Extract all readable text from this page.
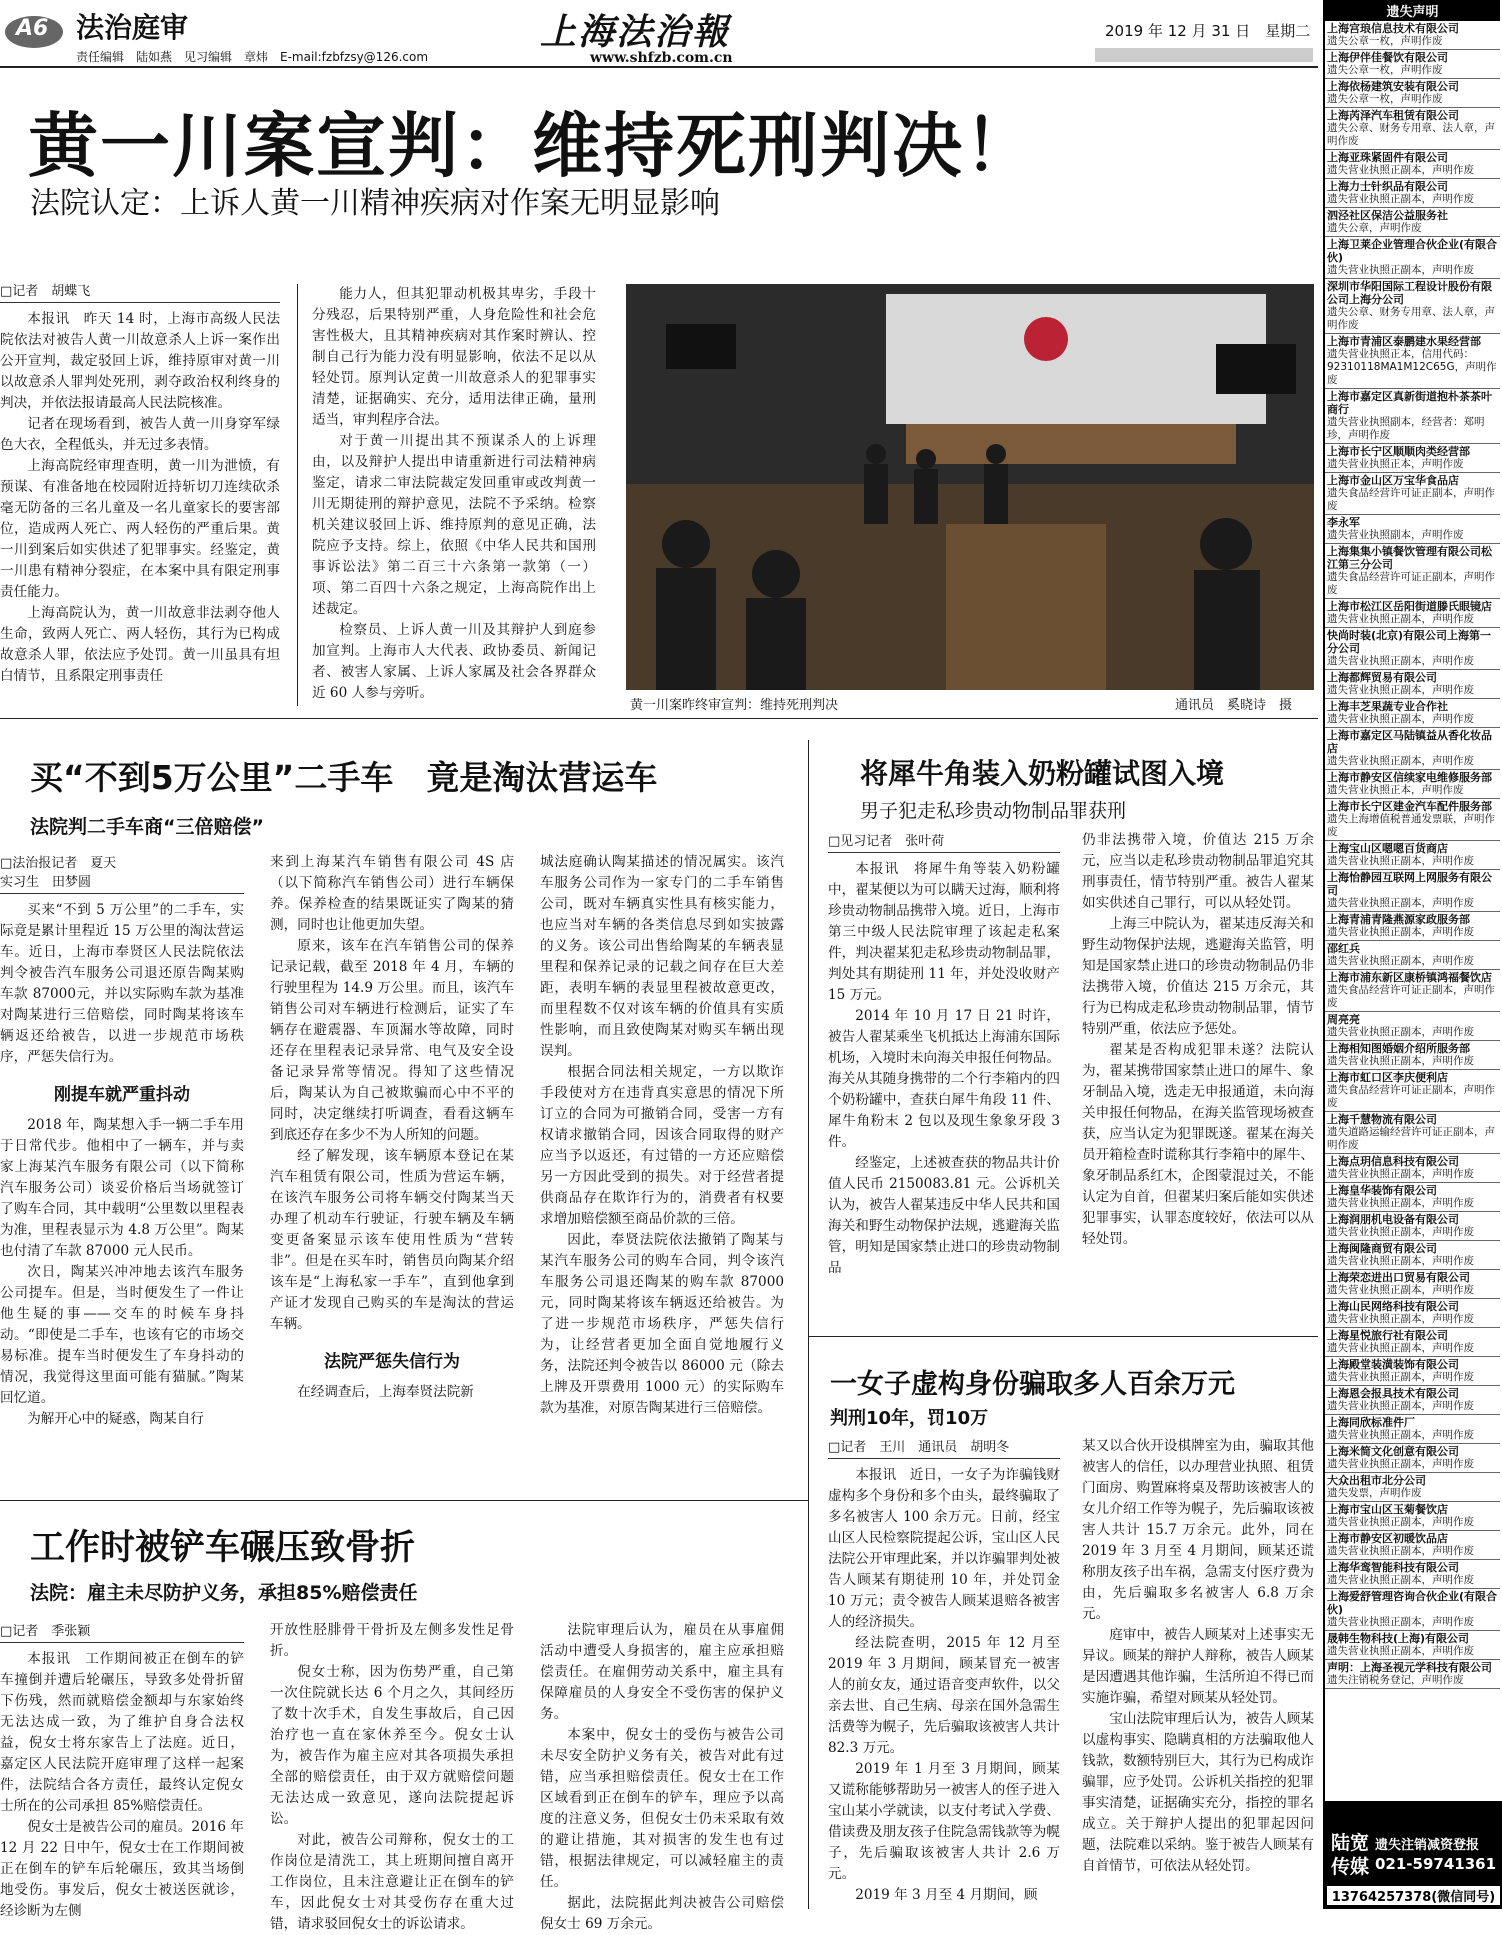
A6 法治庭审
责任编辑　陆如燕　见习编辑　章炜　E-mail:fzbfzsy@126.com
上海法治報
www.shfzb.com.cn
2019 年 12 月 31 日　星期二
黄一川案宣判：维持死刑判决！
法院认定：上诉人黄一川精神疾病对作案无明显影响
□记者　胡蝶飞

本报讯　昨天 14 时，上海市高级人民法院依法对被告人黄一川故意杀人上诉一案作出公开宣判，裁定驳回上诉，维持原审对黄一川以故意杀人罪判处死刑，剥夺政治权利终身的判决，并依法报请最高人民法院核准。

记者在现场看到，被告人黄一川身穿军绿色大衣，全程低头，并无过多表情。

上海高院经审理查明，黄一川为泄愤，有预谋、有准备地在校园附近持斩切刀连续砍杀毫无防备的三名儿童及一名儿童家长的要害部位，造成两人死亡、两人轻伤的严重后果。黄一川到案后如实供述了犯罪事实。经鉴定，黄一川患有精神分裂症，在本案中具有限定刑事责任能力。

上海高院认为，黄一川故意非法剥夺他人生命，致两人死亡、两人轻伤，其行为已构成故意杀人罪，依法应予处罚。黄一川虽具有坦白情节，且系限定刑事责任

能力人，但其犯罪动机极其卑劣，手段十分残忍，后果特别严重，人身危险性和社会危害性极大，且其精神疾病对其作案时辨认、控制自己行为能力没有明显影响，依法不足以从轻处罚。原判认定黄一川故意杀人的犯罪事实清楚，证据确实、充分，适用法律正确，量刑适当，审判程序合法。

对于黄一川提出其不预谋杀人的上诉理由，以及辩护人提出申请重新进行司法精神病鉴定，请求二审法院裁定发回重审或改判黄一川无期徒刑的辩护意见，法院不予采纳。检察机关建议驳回上诉、维持原判的意见正确，法院应予支持。综上，依照《中华人民共和国刑事诉讼法》第二百三十六条第一款第（一）项、第二百四十六条之规定，上海高院作出上述裁定。

检察员、上诉人黄一川及其辩护人到庭参加宣判。上海市人大代表、政协委员、新闻记者、被害人家属、上诉人家属及社会各界群众近 60 人参与旁听。

黄一川案昨终审宣判：维持死刑判决	通讯员　奚晓诗　摄
买“不到5万公里”二手车　竟是淘汰营运车
法院判二手车商“三倍赔偿”
□法治报记者　夏天
实习生　田梦圆

买来“不到 5 万公里”的二手车，实际竟是累计里程近 15 万公里的淘汰营运车。近日，上海市奉贤区人民法院依法判令被告汽车服务公司退还原告陶某购车款 87000元，并以实际购车款为基准对陶某进行三倍赔偿，同时陶某将该车辆返还给被告，以进一步规范市场秩序，严惩失信行为。

刚提车就严重抖动

2018 年，陶某想入手一辆二手车用于日常代步。他相中了一辆车，并与卖家上海某汽车服务有限公司（以下简称汽车服务公司）谈妥价格后当场就签订了购车合同，其中载明“公里数以里程表为准，里程表显示为 4.8 万公里”。陶某也付清了车款 87000 元人民币。

次日，陶某兴冲冲地去该汽车服务公司提车。但是，当时便发生了一件让他生疑的事——交车的时候车身抖动。“即使是二手车，也该有它的市场交易标准。提车当时便发生了车身抖动的情况，我觉得这里面可能有猫腻。”陶某回忆道。

为解开心中的疑惑，陶某自行

来到上海某汽车销售有限公司 4S 店（以下简称汽车销售公司）进行车辆保养。保养检查的结果既证实了陶某的猜测，同时也让他更加失望。

原来，该车在汽车销售公司的保养记录记载，截至 2018 年 4 月，车辆的行驶里程为 14.9 万公里。而且，该汽车销售公司对车辆进行检测后，证实了车辆存在避震器、车顶漏水等故障，同时还存在里程表记录异常、电气及安全设备记录异常等情况。得知了这些情况后，陶某认为自己被欺骗而心中不平的同时，决定继续打听调查，看看这辆车到底还存在多少不为人所知的问题。

经了解发现，该车辆原本登记在某汽车租赁有限公司，性质为营运车辆，在该汽车服务公司将车辆交付陶某当天办理了机动车行驶证，行驶车辆及车辆变更备案显示该车使用性质为“营转非”。但是在买车时，销售员向陶某介绍该车是“上海私家一手车”，直到他拿到产证才发现自己购买的车是淘汰的营运车辆。

法院严惩失信行为

在经调查后，上海奉贤法院新

城法庭确认陶某描述的情况属实。该汽车服务公司作为一家专门的二手车销售公司，既对车辆真实性具有核实能力，也应当对车辆的各类信息尽到如实披露的义务。该公司出售给陶某的车辆表显里程和保养记录的记载之间存在巨大差距，表明车辆的表显里程被故意更改，而里程数不仅对该车辆的价值具有实质性影响，而且致使陶某对购买车辆出现误判。

根据合同法相关规定，一方以欺诈手段使对方在违背真实意思的情况下所订立的合同为可撤销合同，受害一方有权请求撤销合同，因该合同取得的财产应当予以返还，有过错的一方还应赔偿另一方因此受到的损失。对于经营者提供商品存在欺诈行为的，消费者有权要求增加赔偿额至商品价款的三倍。

因此，奉贤法院依法撤销了陶某与某汽车服务公司的购车合同，判令该汽车服务公司退还陶某的购车款 87000 元，同时陶某将该车辆返还给被告。为了进一步规范市场秩序，严惩失信行为，让经营者更加全面自觉地履行义务，法院还判令被告以 86000 元（除去上牌及开票费用 1000 元）的实际购车款为基准，对原告陶某进行三倍赔偿。

将犀牛角装入奶粉罐试图入境
男子犯走私珍贵动物制品罪获刑
□见习记者　张叶荷

本报讯　将犀牛角等装入奶粉罐中，翟某便以为可以瞒天过海，顺利将珍贵动物制品携带入境。近日，上海市第三中级人民法院审理了该起走私案件，判决翟某犯走私珍贵动物制品罪，判处其有期徒刑 11 年，并处没收财产 15 万元。

2014 年 10 月 17 日 21 时许，被告人翟某乘坐飞机抵达上海浦东国际机场，入境时未向海关申报任何物品。海关从其随身携带的二个行李箱内的四个奶粉罐中，查获白犀牛角段 11 件、犀牛角粉末 2 包以及现生象象牙段 3 件。

经鉴定，上述被查获的物品共计价值人民币 2150083.81 元。公诉机关认为，被告人翟某违反中华人民共和国海关和野生动物保护法规，逃避海关监管，明知是国家禁止进口的珍贵动物制品

仍非法携带入境，价值达 215 万余元，应当以走私珍贵动物制品罪追究其刑事责任，情节特别严重。被告人翟某如实供述自己罪行，可以从轻处罚。

上海三中院认为，翟某违反海关和野生动物保护法规，逃避海关监管，明知是国家禁止进口的珍贵动物制品仍非法携带入境，价值达 215 万余元，其行为已构成走私珍贵动物制品罪，情节特别严重，依法应予惩处。

翟某是否构成犯罪未遂？法院认为，翟某携带国家禁止进口的犀牛、象牙制品入境，选走无申报通道，未向海关申报任何物品，在海关监管现场被查获，应当认定为犯罪既遂。翟某在海关员开箱检查时谎称其行李箱中的犀牛、象牙制品系红木，企图蒙混过关，不能认定为自首，但翟某归案后能如实供述犯罪事实，认罪态度较好，依法可以从轻处罚。

一女子虚构身份骗取多人百余万元
判刑10年，罚10万
□记者　王川　通讯员　胡明冬

本报讯　近日，一女子为诈骗钱财虚构多个身份和多个由头，最终骗取了多名被害人 100 余万元。日前，经宝山区人民检察院提起公诉，宝山区人民法院公开审理此案，并以诈骗罪判处被告人顾某有期徒刑 10 年，并处罚金 10 万元；责令被告人顾某退赔各被害人的经济损失。

经法院查明，2015 年 12 月至 2019 年 3 月期间，顾某冒充一被害人的前女友，通过语音变声软件，以父亲去世、自己生病、母亲在国外急需生活费等为幌子，先后骗取该被害人共计 82.3 万元。

2019 年 1 月至 3 月期间，顾某又谎称能够帮助另一被害人的侄子进入宝山某小学就读，以支付考试入学费、借读费及朋友孩子住院急需钱款等为幌子，先后骗取该被害人共计 2.6 万元。

2019 年 3 月至 4 月期间，顾

某又以合伙开设棋牌室为由，骗取其他被害人的信任，以办理营业执照、租赁门面房、购置麻将桌及帮助该被害人的女儿介绍工作等为幌子，先后骗取该被害人共计 15.7 万余元。此外，同在 2019 年 3 月至 4 月期间，顾某还谎称朋友孩子出车祸，急需支付医疗费为由，先后骗取多名被害人 6.8 万余元。

庭审中，被告人顾某对上述事实无异议。顾某的辩护人辩称，被告人顾某是因遭遇其他诈骗，生活所迫不得已而实施诈骗，希望对顾某从轻处罚。

宝山法院审理后认为，被告人顾某以虚构事实、隐瞒真相的方法骗取他人钱款，数额特别巨大，其行为已构成诈骗罪，应予处罚。公诉机关指控的犯罪事实清楚，证据确实充分，指控的罪名成立。关于辩护人提出的犯罪起因问题，法院难以采纳。鉴于被告人顾某有自首情节，可依法从轻处罚。

工作时被铲车碾压致骨折
法院：雇主未尽防护义务，承担85%赔偿责任
□记者　季张颖

本报讯　工作期间被正在倒车的铲车撞倒并遭后轮碾压，导致多处骨折留下伤残，然而就赔偿金额却与东家始终无法达成一致，为了维护自身合法权益，倪女士将东家告上了法庭。近日，嘉定区人民法院开庭审理了这样一起案件，法院结合各方责任，最终认定倪女士所在的公司承担 85%赔偿责任。

倪女士是被告公司的雇员。2016 年 12 月 22 日中午，倪女士在工作期间被正在倒车的铲车后轮碾压，致其当场倒地受伤。事发后，倪女士被送医就诊，经诊断为左侧

开放性胫腓骨干骨折及左侧多发性足骨折。

倪女士称，因为伤势严重，自己第一次住院就长达 6 个月之久，其间经历了数十次手术，自发生事故后，自己因治疗也一直在家休养至今。倪女士认为，被告作为雇主应对其各项损失承担全部的赔偿责任，由于双方就赔偿问题无法达成一致意见，遂向法院提起诉讼。

对此，被告公司辩称，倪女士的工作岗位是清洗工，其上班期间擅自离开工作岗位，且未注意避让正在倒车的铲车，因此倪女士对其受伤存在重大过错，请求驳回倪女士的诉讼请求。

法院审理后认为，雇员在从事雇佣活动中遭受人身损害的，雇主应承担赔偿责任。在雇佣劳动关系中，雇主具有保障雇员的人身安全不受伤害的保护义务。

本案中，倪女士的受伤与被告公司未尽安全防护义务有关，被告对此有过错，应当承担赔偿责任。倪女士在工作区域看到正在倒车的铲车，理应予以高度的注意义务，但倪女士仍未采取有效的避让措施，其对损害的发生也有过错，根据法律规定，可以减轻雇主的责任。

据此，法院据此判决被告公司赔偿倪女士 69 万余元。

遗失声明
上海宫琅信息技术有限公司
遗失公章一枚，声明作废
上海伊伴佳餐饮有限公司
遗失公章一枚，声明作废
上海依杨建筑安装有限公司
遗失公章一枚，声明作废
上海芮泽汽车租赁有限公司
遗失公章、财务专用章、法人章，声明作废
上海亚珠紧固件有限公司
遗失营业执照正副本，声明作废
上海力士针织品有限公司
遗失营业执照正副本，声明作废
泗泾社区保洁公益服务社
遗失公章，声明作废
上海卫莱企业管理合伙企业(有限合伙)
遗失营业执照正副本，声明作废
深圳市华阳国际工程设计股份有限公司上海分公司
遗失公章、财务专用章、法人章，声明作废
上海市青浦区泰鹏建水果经营部
遗失营业执照正本，信用代码：92310118MA1M12C65G，声明作废
上海市嘉定区真新街道抱朴茶茶叶商行
遗失营业执照副本，经营者：郑明珍，声明作废
上海市长宁区顺顺肉类经营部
遗失营业执照正本，声明作废
上海市金山区万宝华食品店
遗失食品经营许可证正副本，声明作废
李永军
遗失营业执照副本，声明作废
上海集集小镇餐饮管理有限公司松江第三分公司
遗失食品经营许可证正副本，声明作废
上海市松江区岳阳街道滕氏眼镜店
遗失营业执照正副本，声明作废
快尚时装(北京)有限公司上海第一分公司
遗失营业执照正副本，声明作废
上海都辉贸易有限公司
遗失营业执照正副本，声明作废
上海丰芝果蔬专业合作社
遗失营业执照正副本，声明作废
上海市嘉定区马陆镇益从香化妆品店
遗失营业执照正副本，声明作废
上海市静安区信续家电维修服务部
遗失营业执照正本，声明作废
上海市长宁区建金汽车配件服务部
遗失上海增值税普通发票联，声明作废
上海宝山区嗯嗯百货商店
遗失营业执照正副本，声明作废
上海怡静园互联网上网服务有限公司
遗失营业执照正副本，声明作废
上海青浦青隆燕源家政服务部
遗失营业执照正副本，声明作废
邵红兵
遗失营业执照正副本，声明作废
上海市浦东新区康桥镇鸿福餐饮店
遗失食品经营许可证正副本，声明作废
周亮亮
遗失营业执照正副本，声明作废
上海相知图婚姻介绍所服务部
遗失营业执照正副本，声明作废
上海市虹口区李庆便利店
遗失食品经营许可证正副本，声明作废
上海千慧物流有限公司
遗失道路运输经营许可证正副本，声明作废
上海点玥信息科技有限公司
遗失营业执照正副本，声明作废
上海皇华装饰有限公司
遗失营业执照正副本，声明作废
上海润朋机电设备有限公司
遗失营业执照正副本，声明作废
上海闽隆商贸有限公司
遗失营业执照正副本，声明作废
上海荣恋进出口贸易有限公司
遗失营业执照正副本，声明作废
上海山民网络科技有限公司
遗失营业执照正副本，声明作废
上海星悦旅行社有限公司
遗失营业执照正副本，声明作废
上海殿堂装潢装饰有限公司
遗失营业执照正副本，声明作废
上海恩会报具技术有限公司
遗失营业执照正副本，声明作废
上海同欣标准件厂
遗失营业执照正副本，声明作废
上海米简文化创意有限公司
遗失营业执照正副本，声明作废
大众出租市北分公司
遗失发票，声明作废
上海市宝山区玉菊餐饮店
遗失营业执照正副本，声明作废
上海市静安区初暖饮品店
遗失营业执照正副本，声明作废
上海华鸾智能科技有限公司
遗失营业执照正副本，声明作废
上海爱舒管理咨询合伙企业(有限合伙)
遗失营业执照正副本，声明作废
晟韩生物科技(上海)有限公司
遗失营业执照正副本，声明作废
声明：上海圣视元学科技有限公司
遗失注销税务登记，声明作废
陆宽
传媒
遗失注销减资登报
021-59741361
13764257378(微信同号)
